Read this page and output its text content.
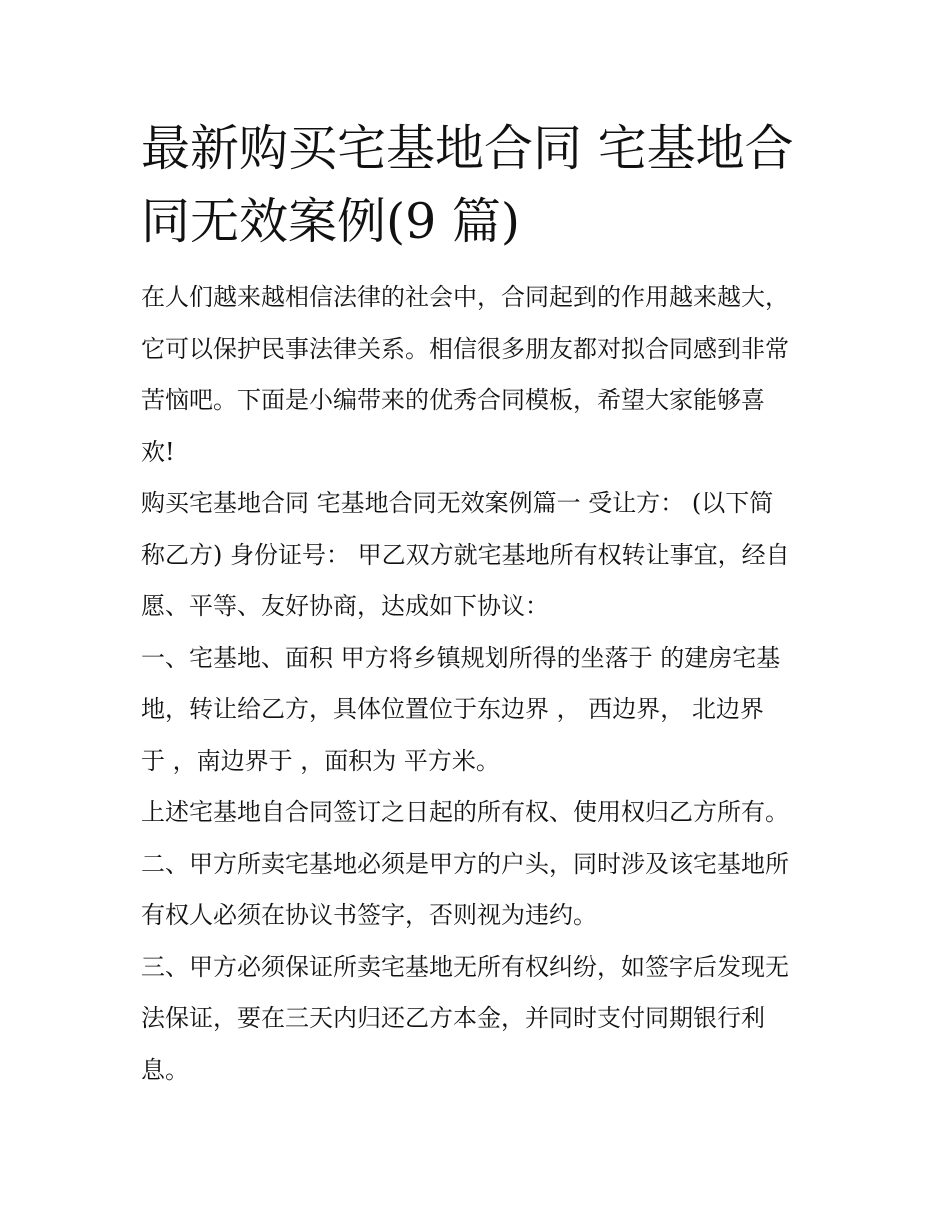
最新购买宅基地合同 宅基地合
同无效案例(9 篇)

在人们越来越相信法律的社会中，合同起到的作用越来越大，
它可以保护民事法律关系。相信很多朋友都对拟合同感到非常
苦恼吧。下面是小编带来的优秀合同模板，希望大家能够喜
欢!

购买宅基地合同 宅基地合同无效案例篇一 受让方： (以下简
称乙方) 身份证号： 甲乙双方就宅基地所有权转让事宜，经自
愿、平等、友好协商，达成如下协议：

一、宅基地、面积 甲方将乡镇规划所得的坐落于 的建房宅基
地，转让给乙方，具体位置位于东边界 ， 西边界， 北边界
于 ，南边界于 ，面积为 平方米。

上述宅基地自合同签订之日起的所有权、使用权归乙方所有。

二、甲方所卖宅基地必须是甲方的户头，同时涉及该宅基地所
有权人必须在协议书签字，否则视为违约。

三、甲方必须保证所卖宅基地无所有权纠纷，如签字后发现无
法保证，要在三天内归还乙方本金，并同时支付同期银行利
息。
